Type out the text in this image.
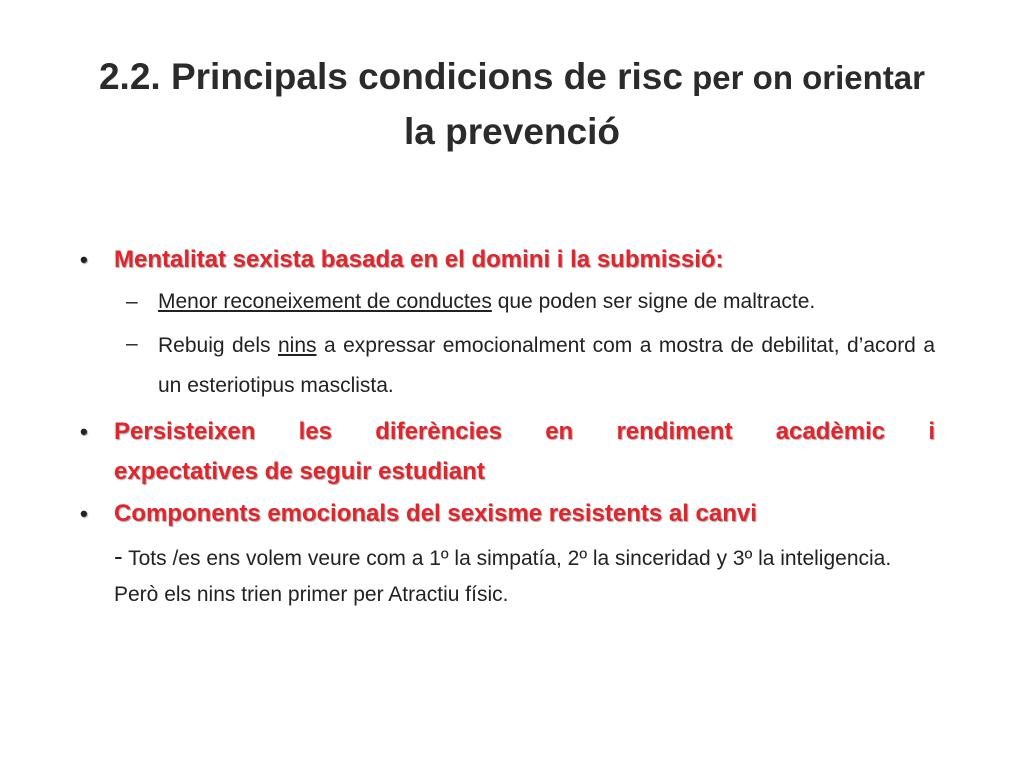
2.2. Principals condicions de risc per on orientar
la prevenció

• Mentalitat sexista basada en el domini i la submissió:

– Menor reconeixement de conductes que poden ser signe de maltracte.

– Rebuig dels nins a expressar emocionalment com a mostra de debilitat, d’acord a un esteriotipus masclista.

• Persisteixen les diferències en rendiment acadèmic i
expectatives de seguir estudiant

• Components emocionals del sexisme resistents al canvi

- Tots /es ens volem veure com a 1º la simpatía, 2º la sinceridad y 3º la inteligencia. Però els nins trien primer per Atractiu físic.
